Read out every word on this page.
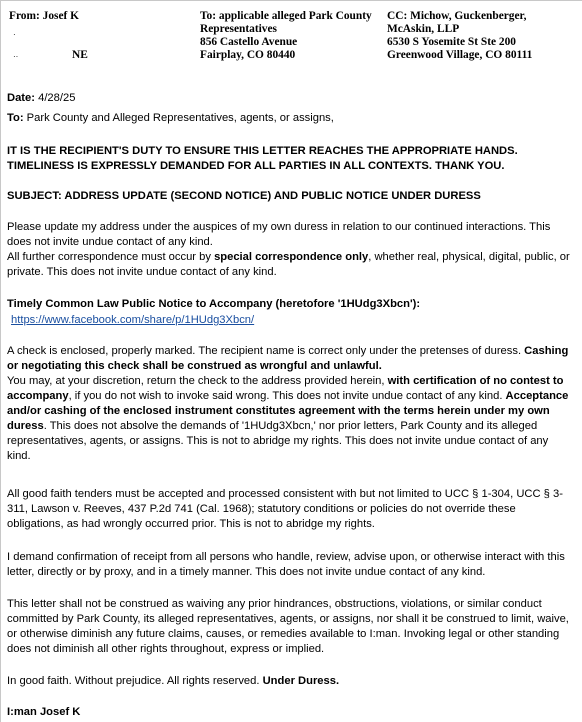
From: Josef K
·
··	NE
To: applicable alleged Park County
Representatives
856 Castello Avenue
Fairplay, CO 80440
CC: Michow, Guckenberger,
McAskin, LLP
6530 S Yosemite St Ste 200
Greenwood Village, CO 80111
Date: 4/28/25
To: Park County and Alleged Representatives, agents, or assigns,
IT IS THE RECIPIENT'S DUTY TO ENSURE THIS LETTER REACHES THE APPROPRIATE HANDS. TIMELINESS IS EXPRESSLY DEMANDED FOR ALL PARTIES IN ALL CONTEXTS. THANK YOU.
SUBJECT: ADDRESS UPDATE (SECOND NOTICE) AND PUBLIC NOTICE UNDER DURESS
Please update my address under the auspices of my own duress in relation to our continued interactions. This does not invite undue contact of any kind.
All further correspondence must occur by special correspondence only, whether real, physical, digital, public, or private. This does not invite undue contact of any kind.
Timely Common Law Public Notice to Accompany (heretofore '1HUdg3Xbcn'):
https://www.facebook.com/share/p/1HUdg3Xbcn/
A check is enclosed, properly marked. The recipient name is correct only under the pretenses of duress. Cashing or negotiating this check shall be construed as wrongful and unlawful.
You may, at your discretion, return the check to the address provided herein, with certification of no contest to accompany, if you do not wish to invoke said wrong. This does not invite undue contact of any kind. Acceptance and/or cashing of the enclosed instrument constitutes agreement with the terms herein under my own duress. This does not absolve the demands of '1HUdg3Xbcn,' nor prior letters, Park County and its alleged representatives, agents, or assigns. This is not to abridge my rights. This does not invite undue contact of any kind.
All good faith tenders must be accepted and processed consistent with but not limited to UCC § 1-304, UCC § 3-311, Lawson v. Reeves, 437 P.2d 741 (Cal. 1968); statutory conditions or policies do not override these obligations, as had wrongly occurred prior. This is not to abridge my rights.
I demand confirmation of receipt from all persons who handle, review, advise upon, or otherwise interact with this letter, directly or by proxy, and in a timely manner. This does not invite undue contact of any kind.
This letter shall not be construed as waiving any prior hindrances, obstructions, violations, or similar conduct committed by Park County, its alleged representatives, agents, or assigns, nor shall it be construed to limit, waive, or otherwise diminish any future claims, causes, or remedies available to I:man. Invoking legal or other standing does not diminish all other rights throughout, express or implied.
In good faith. Without prejudice. All rights reserved. Under Duress.
I:man Josef K
